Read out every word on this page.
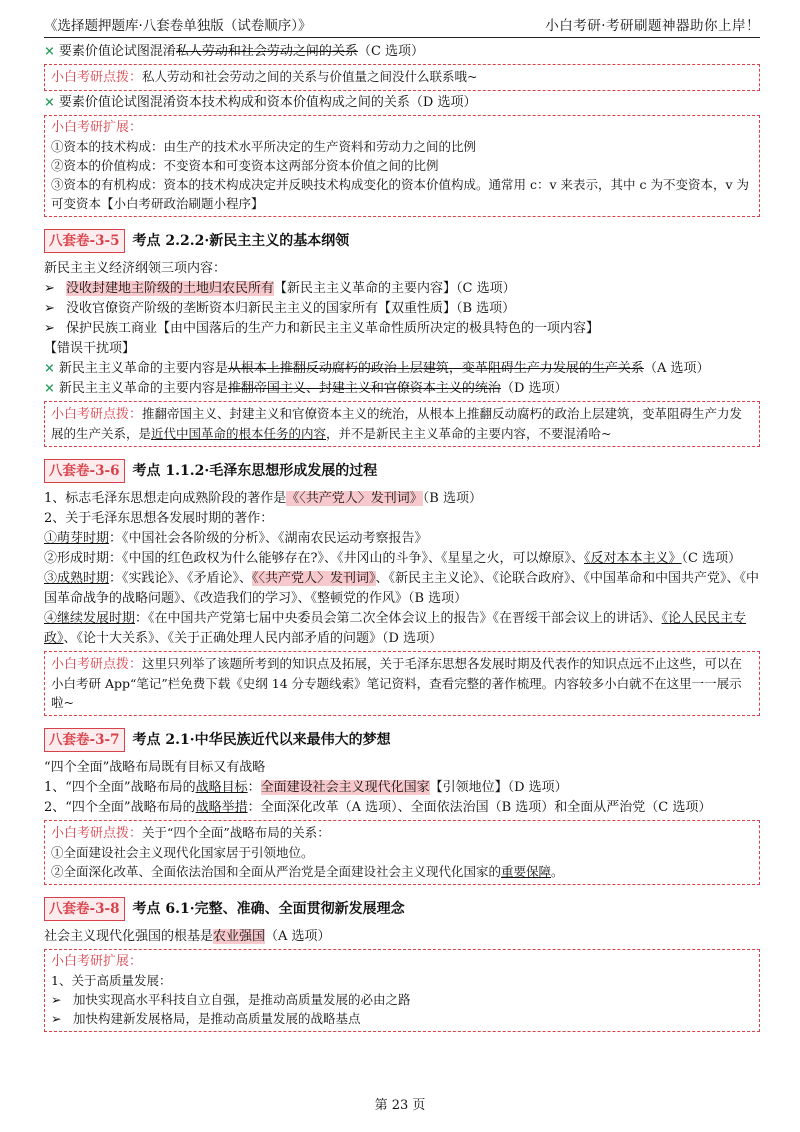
《选择题押题库·八套卷单独版（试卷顺序）》	小白考研·考研刷题神器助你上岸！
× 要素价值论试图混淆私人劳动和社会劳动之间的关系（C 选项）
小白考研点拨：私人劳动和社会劳动之间的关系与价值量之间没什么联系哦~
× 要素价值论试图混淆资本技术构成和资本价值构成之间的关系（D 选项）
小白考研扩展：
①资本的技术构成：由生产的技术水平所决定的生产资料和劳动力之间的比例
②资本的价值构成：不变资本和可变资本这两部分资本价值之间的比例
③资本的有机构成：资本的技术构成决定并反映技术构成变化的资本价值构成。通常用 c：v 来表示，其中 c 为不变资本，v 为可变资本【小白考研政治刷题小程序】
八套卷-3-5 考点 2.2.2·新民主主义的基本纲领
新民主主义经济纲领三项内容：
➢ 没收封建地主阶级的土地归农民所有【新民主主义革命的主要内容】（C 选项）
➢ 没收官僚资产阶级的垄断资本归新民主主义的国家所有【双重性质】（B 选项）
➢ 保护民族工商业【由中国落后的生产力和新民主主义革命性质所决定的极具特色的一项内容】
【错误干扰项】
× 新民主主义革命的主要内容是从根本上推翻反动腐朽的政治上层建筑，变革阻碍生产力发展的生产关系（A 选项）
× 新民主主义革命的主要内容是推翻帝国主义、封建主义和官僚资本主义的统治（D 选项）
小白考研点拨：推翻帝国主义、封建主义和官僚资本主义的统治，从根本上推翻反动腐朽的政治上层建筑，变革阻碍生产力发展的生产关系，是近代中国革命的根本任务的内容，并不是新民主主义革命的主要内容，不要混淆哈~
八套卷-3-6 考点 1.1.2·毛泽东思想形成发展的过程
1、标志毛泽东思想走向成熟阶段的著作是《〈共产党人〉发刊词》（B 选项）
2、关于毛泽东思想各发展时期的著作：
①萌芽时期：《中国社会各阶级的分析》、《湖南农民运动考察报告》
②形成时期：《中国的红色政权为什么能够存在?》、《井冈山的斗争》、《星星之火，可以燎原》、《反对本本主义》（C 选项）
③成熟时期：《实践论》、《矛盾论》、《〈共产党人〉发刊词》、《新民主主义论》、《论联合政府》、《中国革命和中国共产党》、《中国革命战争的战略问题》、《改造我们的学习》、《整顿党的作风》（B 选项）
④继续发展时期：《在中国共产党第七届中央委员会第二次全体会议上的报告》《在晋绥干部会议上的讲话》、《论人民民主专政》、《论十大关系》、《关于正确处理人民内部矛盾的问题》（D 选项）
小白考研点拨：这里只列举了该题所考到的知识点及拓展，关于毛泽东思想各发展时期及代表作的知识点远不止这些，可以在小白考研 App“笔记”栏免费下载《史纲 14 分专题线索》笔记资料，查看完整的著作梳理。内容较多小白就不在这里一一展示啦~
八套卷-3-7 考点 2.1·中华民族近代以来最伟大的梦想
“四个全面”战略布局既有目标又有战略
1、“四个全面”战略布局的战略目标：全面建设社会主义现代化国家【引领地位】（D 选项）
2、“四个全面”战略布局的战略举措：全面深化改革（A 选项）、全面依法治国（B 选项）和全面从严治党（C 选项）
小白考研点拨：关于“四个全面”战略布局的关系：
①全面建设社会主义现代化国家居于引领地位。
②全面深化改革、全面依法治国和全面从严治党是全面建设社会主义现代化国家的重要保障。
八套卷-3-8 考点 6.1·完整、准确、全面贯彻新发展理念
社会主义现代化强国的根基是农业强国（A 选项）
小白考研扩展：
1、关于高质量发展：
➢ 加快实现高水平科技自立自强，是推动高质量发展的必由之路
➢ 加快构建新发展格局，是推动高质量发展的战略基点
第 23 页
